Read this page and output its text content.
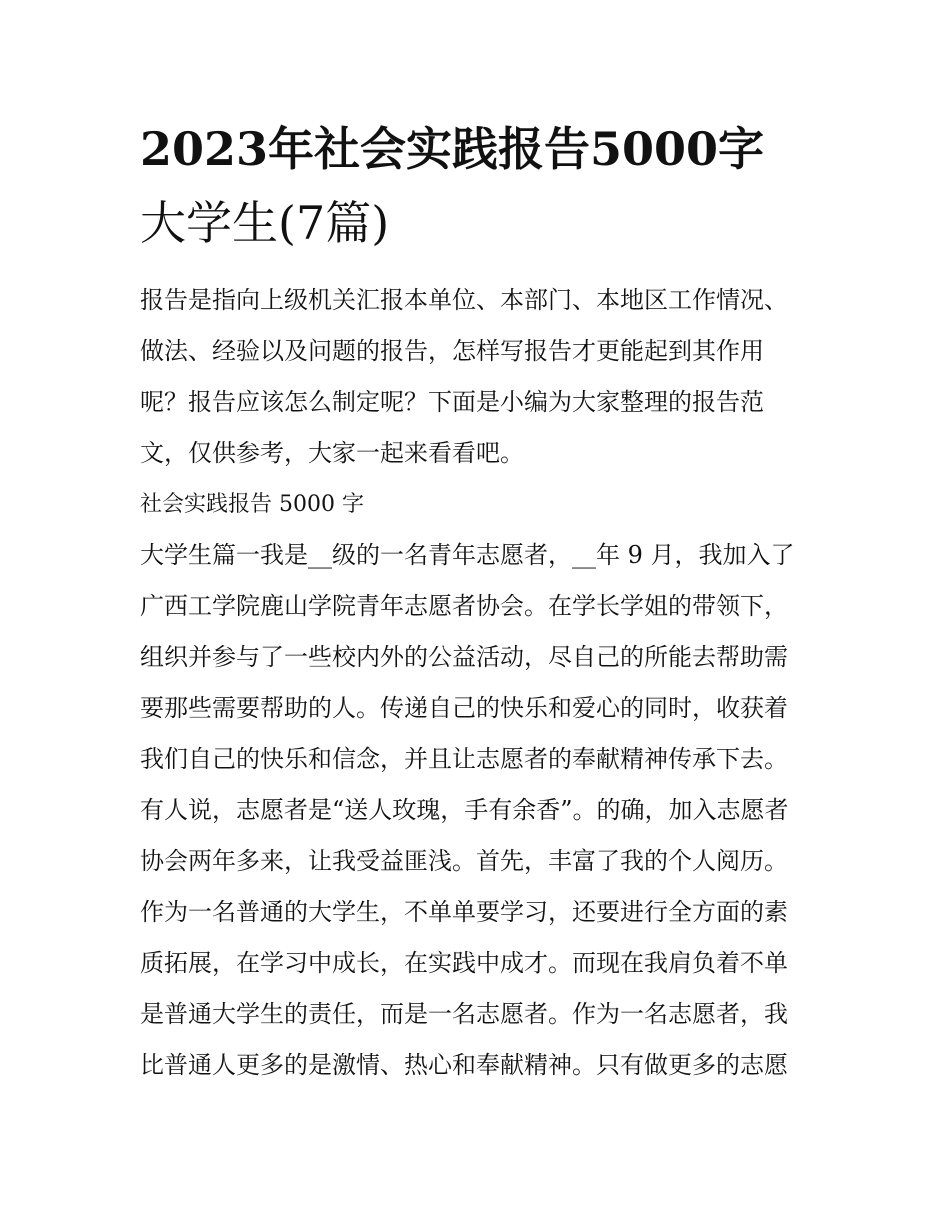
2023年社会实践报告5000字
大学生(7篇)
报告是指向上级机关汇报本单位、本部门、本地区工作情况、
做法、经验以及问题的报告，怎样写报告才更能起到其作用
呢？报告应该怎么制定呢？下面是小编为大家整理的报告范
文，仅供参考，大家一起来看看吧。
社会实践报告 5000 字
大学生篇一我是__级的一名青年志愿者，__年 9 月，我加入了
广西工学院鹿山学院青年志愿者协会。在学长学姐的带领下，
组织并参与了一些校内外的公益活动，尽自己的所能去帮助需
要那些需要帮助的人。传递自己的快乐和爱心的同时，收获着
我们自己的快乐和信念，并且让志愿者的奉献精神传承下去。
有人说，志愿者是“送人玫瑰，手有余香”。的确，加入志愿者
协会两年多来，让我受益匪浅。首先，丰富了我的个人阅历。
作为一名普通的大学生，不单单要学习，还要进行全方面的素
质拓展，在学习中成长，在实践中成才。而现在我肩负着不单
是普通大学生的责任，而是一名志愿者。作为一名志愿者，我
比普通人更多的是激情、热心和奉献精神。只有做更多的志愿
